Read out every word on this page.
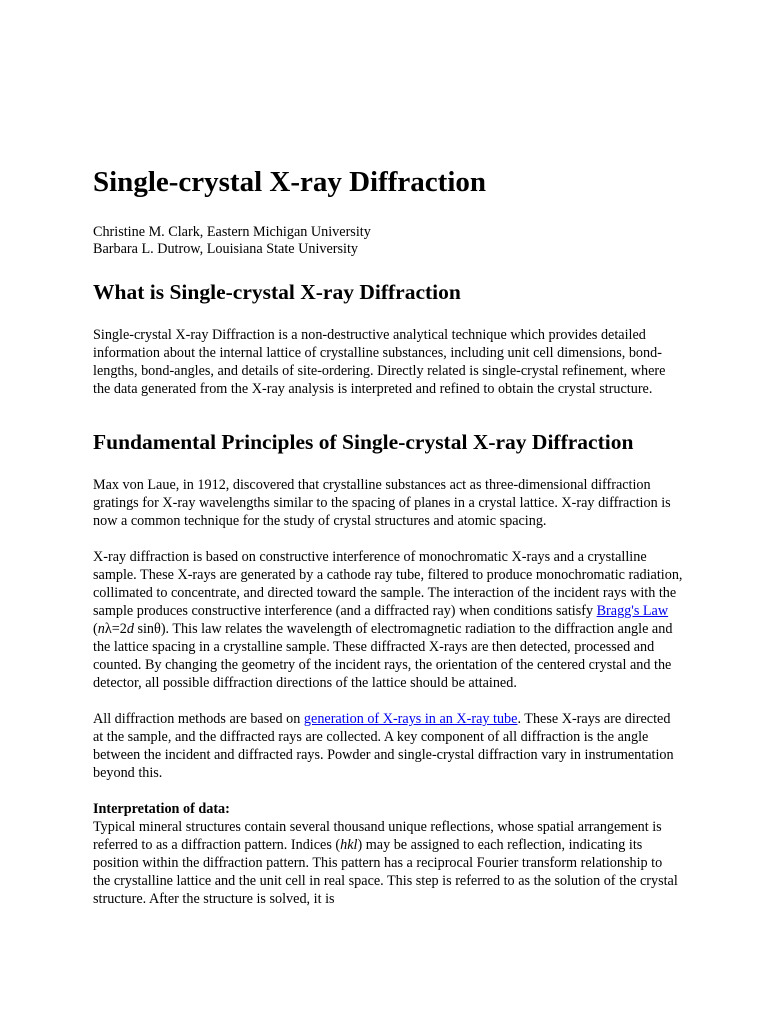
Single-crystal X-ray Diffraction
Christine M. Clark, Eastern Michigan University
Barbara L. Dutrow, Louisiana State University
What is Single-crystal X-ray Diffraction

Single-crystal X-ray Diffraction is a non-destructive analytical technique which provides detailed information about the internal lattice of crystalline substances, including unit cell dimensions, bond-lengths, bond-angles, and details of site-ordering. Directly related is single-crystal refinement, where the data generated from the X-ray analysis is interpreted and refined to obtain the crystal structure.

Fundamental Principles of Single-crystal X-ray Diffraction

Max von Laue, in 1912, discovered that crystalline substances act as three-dimensional diffraction gratings for X-ray wavelengths similar to the spacing of planes in a crystal lattice. X-ray diffraction is now a common technique for the study of crystal structures and atomic spacing.

X-ray diffraction is based on constructive interference of monochromatic X-rays and a crystalline sample. These X-rays are generated by a cathode ray tube, filtered to produce monochromatic radiation, collimated to concentrate, and directed toward the sample. The interaction of the incident rays with the sample produces constructive interference (and a diffracted ray) when conditions satisfy Bragg's Law (nλ=2d sinθ). This law relates the wavelength of electromagnetic radiation to the diffraction angle and the lattice spacing in a crystalline sample. These diffracted X-rays are then detected, processed and counted. By changing the geometry of the incident rays, the orientation of the centered crystal and the detector, all possible diffraction directions of the lattice should be attained.

All diffraction methods are based on generation of X-rays in an X-ray tube. These X-rays are directed at the sample, and the diffracted rays are collected. A key component of all diffraction is the angle between the incident and diffracted rays. Powder and single-crystal diffraction vary in instrumentation beyond this.

Interpretation of data:
Typical mineral structures contain several thousand unique reflections, whose spatial arrangement is referred to as a diffraction pattern. Indices (hkl) may be assigned to each reflection, indicating its position within the diffraction pattern. This pattern has a reciprocal Fourier transform relationship to the crystalline lattice and the unit cell in real space. This step is referred to as the solution of the crystal structure. After the structure is solved, it is
